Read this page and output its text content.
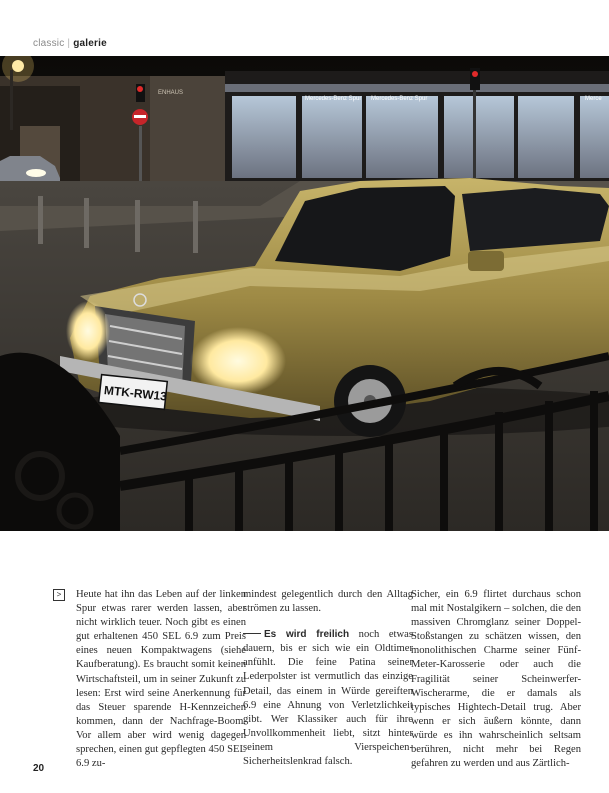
classic | galerie
Mercedes-Benz Spur Mercedes-Benz Spur	Merce
ENHAUS
MTK-RW13
>	Heute hat ihn das Leben auf der linken Spur etwas rarer werden lassen, aber nicht wirklich teuer. Noch gibt es einen gut erhaltenen 450 SEL 6.9 zum Preis eines neuen Kompaktwagens (siehe Kaufberatung). Es braucht somit keinen Wirtschaftsteil, um in seiner Zukunft zu lesen: Erst wird seine Anerkennung für das Steuer sparende H-Kennzeichen kommen, dann der Nachfrage-Boom. Vor allem aber wird wenig dagegen sprechen, einen gut gepflegten 450 SEL 6.9 zu-

mindest gelegentlich durch den Alltag strömen zu lassen.

Es wird freilich noch etwas dauern, bis er sich wie ein Oldtimer anfühlt. Die feine Patina seiner Lederpolster ist vermutlich das einzige Detail, das einem in Würde gereiften 6.9 eine Ahnung von Verletzlichkeit gibt. Wer Klassiker auch für ihre Unvollkommenheit liebt, sitzt hinter seinem Vierspeichen-Sicherheitslenkrad falsch.

Sicher, ein 6.9 flirtet durchaus schon mal mit Nostalgikern – solchen, die den massiven Chromglanz seiner Doppel-Stoßstangen zu schätzen wissen, den monolithischen Charme seiner Fünf-Meter-Karosserie oder auch die Fragilität seiner Scheinwerfer-Wischerarme, die er damals als typisches Hightech-Detail trug. Aber wenn er sich äußern könnte, dann würde es ihn wahrscheinlich seltsam berühren, nicht mehr bei Regen gefahren zu werden und aus Zärtlich-

20
